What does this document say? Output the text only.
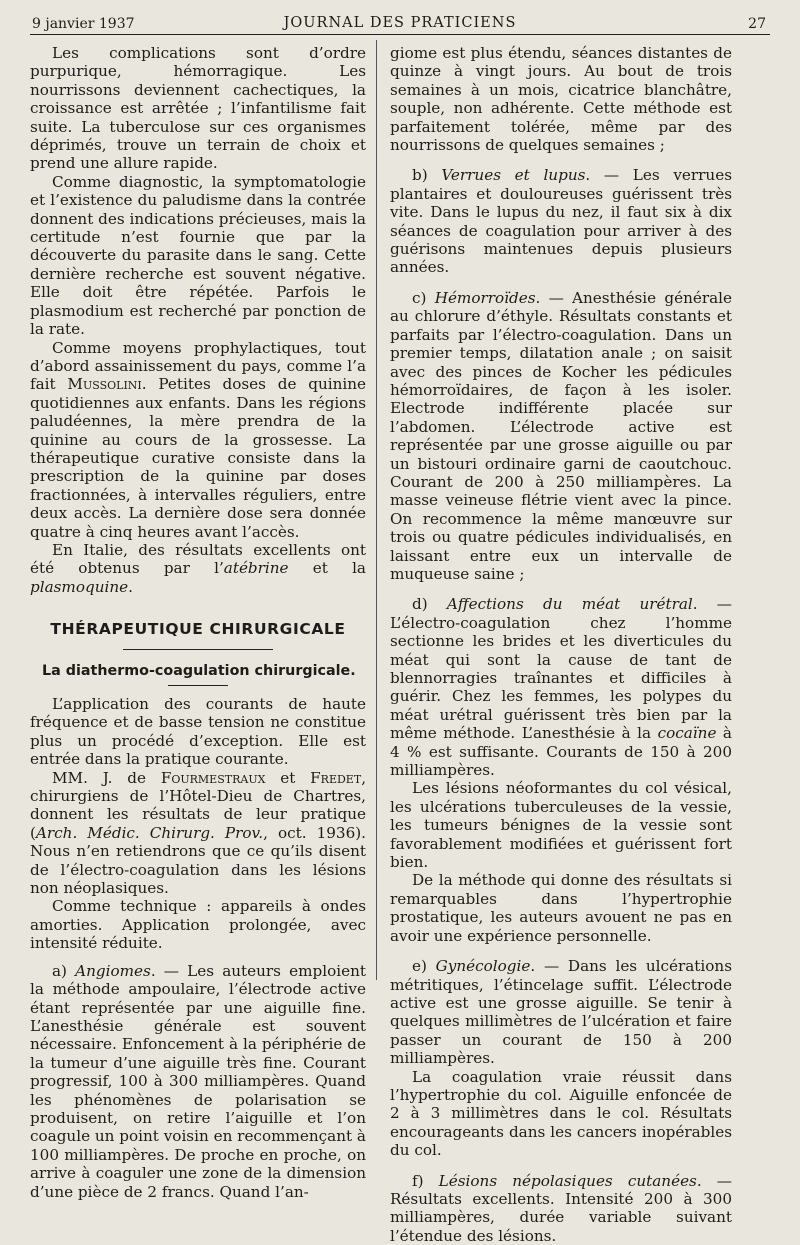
9 janvier 1937	JOURNAL DES PRATICIENS	27

Les complications sont d’ordre purpurique, hémorragique. Les nourrissons deviennent cachectiques, la croissance est arrêtée ; l’infantilisme fait suite. La tuberculose sur ces organismes déprimés, trouve un terrain de choix et prend une allure rapide.

Comme diagnostic, la symptomatologie et l’existence du paludisme dans la contrée donnent des indications précieuses, mais la certitude n’est fournie que par la découverte du parasite dans le sang. Cette dernière recherche est souvent négative. Elle doit être répétée. Parfois le plasmodium est recherché par ponction de la rate.

Comme moyens prophylactiques, tout d’abord assainissement du pays, comme l’a fait Mussolini. Petites doses de quinine quotidiennes aux enfants. Dans les régions paludéennes, la mère prendra de la quinine au cours de la grossesse. La thérapeutique curative consiste dans la prescription de la quinine par doses fractionnées, à intervalles réguliers, entre deux accès. La dernière dose sera donnée quatre à cinq heures avant l’accès.

En Italie, des résultats excellents ont été obtenus par l’atébrine et la plasmoquine.

THÉRAPEUTIQUE CHIRURGICALE

La diathermo-coagulation chirurgicale.

L’application des courants de haute fréquence et de basse tension ne constitue plus un procédé d’exception. Elle est entrée dans la pratique courante.

MM. J. de Fourmestraux et Fredet, chirurgiens de l’Hôtel-Dieu de Chartres, donnent les résultats de leur pratique (Arch. Médic. Chirurg. Prov., oct. 1936). Nous n’en retiendrons que ce qu’ils disent de l’électro-coagulation dans les lésions non néoplasiques.

Comme technique : appareils à ondes amorties. Application prolongée, avec intensité réduite.

a) Angiomes. — Les auteurs emploient la méthode ampoulaire, l’électrode active étant représentée par une aiguille fine. L’anesthésie générale est souvent nécessaire. Enfoncement à la périphérie de la tumeur d’une aiguille très fine. Courant progressif, 100 à 300 milliampères. Quand les phénomènes de polarisation se produisent, on retire l’aiguille et l’on coagule un point voisin en recommençant à 100 milliampères. De proche en proche, on arrive à coaguler une zone de la dimension d’une pièce de 2 francs. Quand l’an-

giome est plus étendu, séances distantes de quinze à vingt jours. Au bout de trois semaines à un mois, cicatrice blanchâtre, souple, non adhérente. Cette méthode est parfaitement tolérée, même par des nourrissons de quelques semaines ;

b) Verrues et lupus. — Les verrues plantaires et douloureuses guérissent très vite. Dans le lupus du nez, il faut six à dix séances de coagulation pour arriver à des guérisons maintenues depuis plusieurs années.

c) Hémorroïdes. — Anesthésie générale au chlorure d’éthyle. Résultats constants et parfaits par l’électro-coagulation. Dans un premier temps, dilatation anale ; on saisit avec des pinces de Kocher les pédicules hémorroïdaires, de façon à les isoler. Electrode indifférente placée sur l’abdomen. L’électrode active est représentée par une grosse aiguille ou par un bistouri ordinaire garni de caoutchouc. Courant de 200 à 250 milliampères. La masse veineuse flétrie vient avec la pince. On recommence la même manœuvre sur trois ou quatre pédicules individualisés, en laissant entre eux un intervalle de muqueuse saine ;

d) Affections du méat urétral. — L’électro-coagulation chez l’homme sectionne les brides et les diverticules du méat qui sont la cause de tant de blennorragies traînantes et difficiles à guérir. Chez les femmes, les polypes du méat urétral guérissent très bien par la même méthode. L’anesthésie à la cocaïne à 4 % est suffisante. Courants de 150 à 200 milliampères.

Les lésions néoformantes du col vésical, les ulcérations tuberculeuses de la vessie, les tumeurs bénignes de la vessie sont favorablement modifiées et guérissent fort bien.

De la méthode qui donne des résultats si remarquables dans l’hypertrophie prostatique, les auteurs avouent ne pas en avoir une expérience personnelle.

e) Gynécologie. — Dans les ulcérations métritiques, l’étincelage suffit. L’électrode active est une grosse aiguille. Se tenir à quelques millimètres de l’ulcération et faire passer un courant de 150 à 200 milliampères.

La coagulation vraie réussit dans l’hypertrophie du col. Aiguille enfoncée de 2 à 3 millimètres dans le col. Résultats encourageants dans les cancers inopérables du col.

f) Lésions népolasiques cutanées. — Résultats excellents. Intensité 200 à 300 milliampères, durée variable suivant l’étendue des lésions.
